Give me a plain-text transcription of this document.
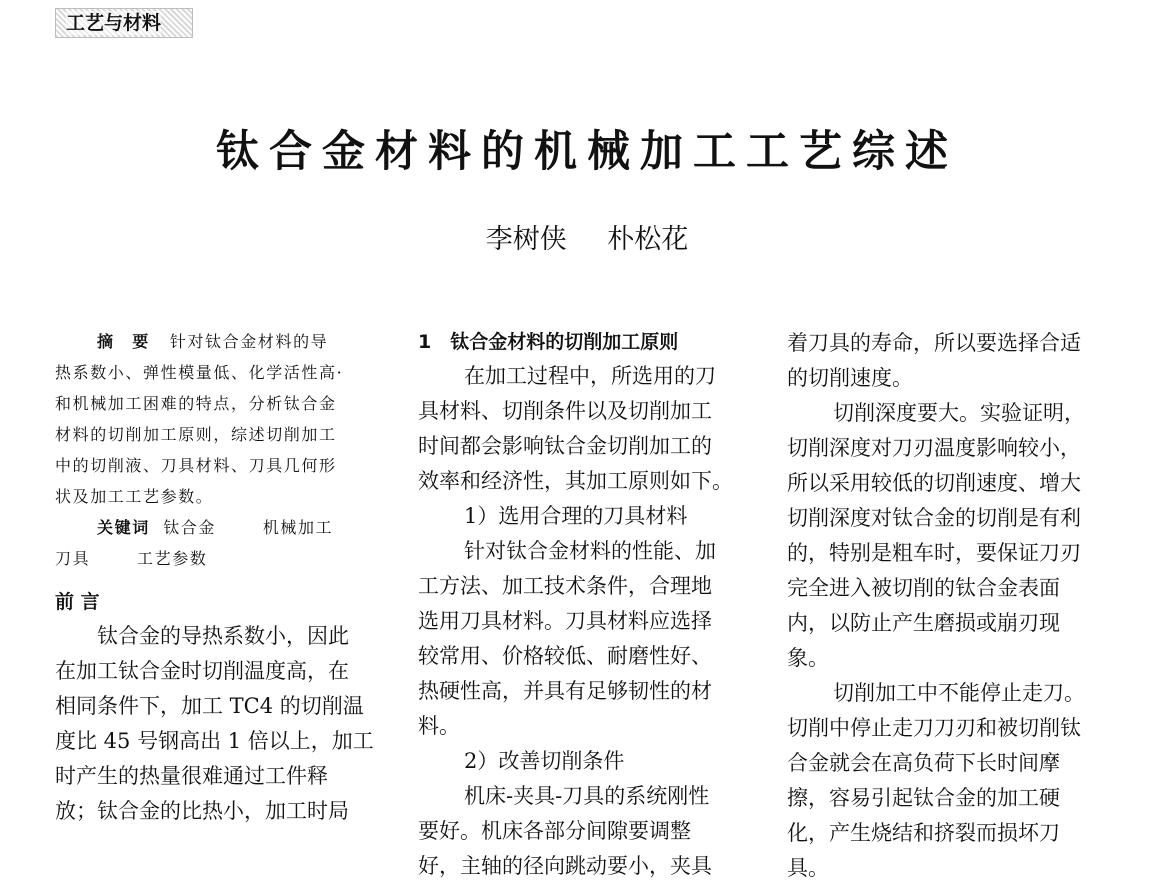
工艺与材料
钛合金材料的机械加工工艺综述
李树侠 朴松花
摘　要 针对钛合金材料的导
热系数小、弹性模量低、化学活性高·
和机械加工困难的特点，分析钛合金
材料的切削加工原则，综述切削加工
中的切削液、刀具材料、刀具几何形
状及加工工艺参数。
关键词 钛合金	机械加工
刀具	工艺参数
前 言
钛合金的导热系数小，因此
在加工钛合金时切削温度高，在
相同条件下，加工 TC4 的切削温
度比 45 号钢高出 1 倍以上，加工
时产生的热量很难通过工件释
放；钛合金的比热小，加工时局
1　钛合金材料的切削加工原则
在加工过程中，所选用的刀
具材料、切削条件以及切削加工
时间都会影响钛合金切削加工的
效率和经济性，其加工原则如下。
1）选用合理的刀具材料
针对钛合金材料的性能、加
工方法、加工技术条件，合理地
选用刀具材料。刀具材料应选择
较常用、价格较低、耐磨性好、
热硬性高，并具有足够韧性的材
料。
2）改善切削条件
机床-夹具-刀具的系统刚性
要好。机床各部分间隙要调整
好，主轴的径向跳动要小，夹具
着刀具的寿命，所以要选择合适
的切削速度。
切削深度要大。实验证明，
切削深度对刀刃温度影响较小，
所以采用较低的切削速度、增大
切削深度对钛合金的切削是有利
的，特别是粗车时，要保证刀刃
完全进入被切削的钛合金表面
内，以防止产生磨损或崩刃现
象。
切削加工中不能停止走刀。
切削中停止走刀刀刃和被切削钛
合金就会在高负荷下长时间摩
擦，容易引起钛合金的加工硬
化，产生烧结和挤裂而损坏刀
具。
